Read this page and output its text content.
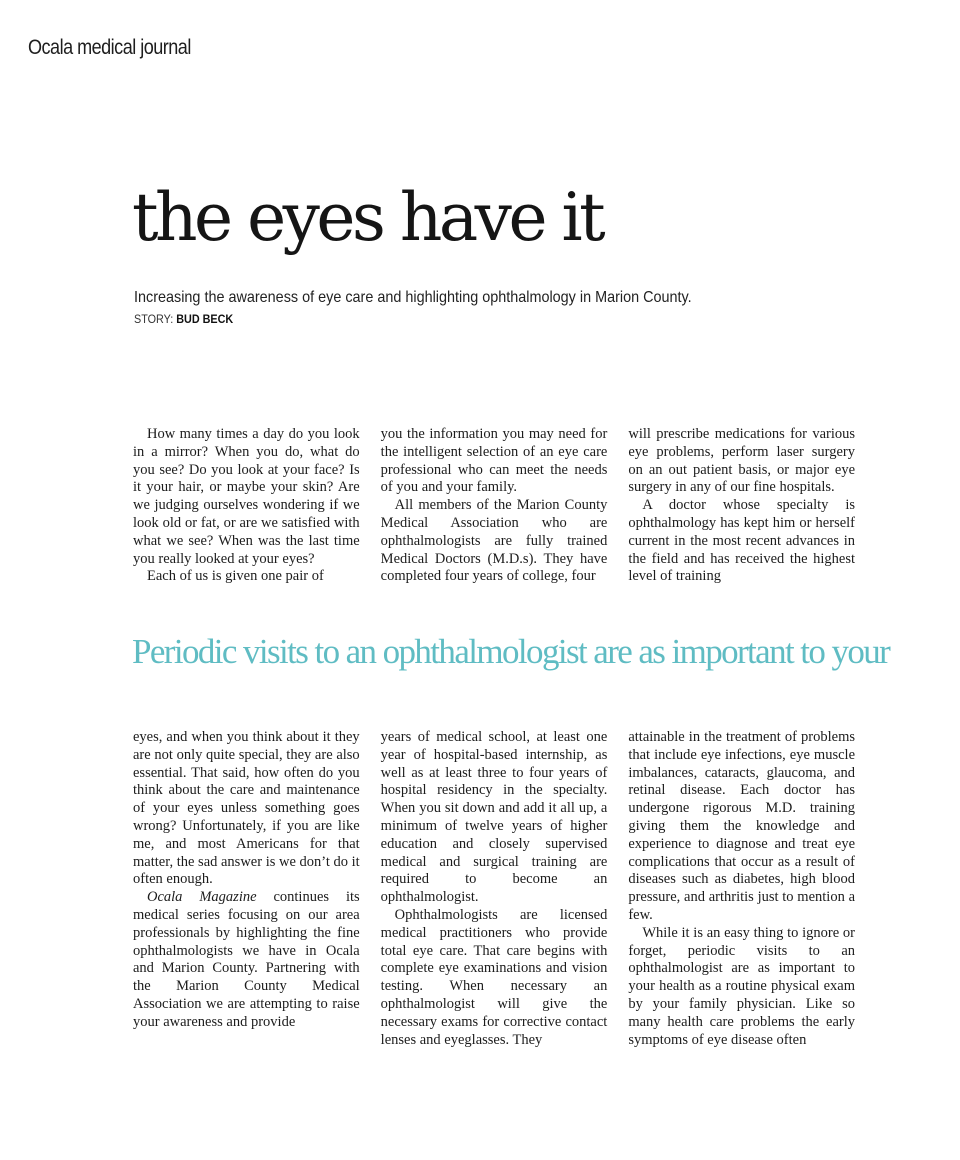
Ocala medical journal
the eyes have it

Increasing the awareness of eye care and highlighting ophthalmology in Marion County.

STORY: BUD BECK

How many times a day do you look in a mirror? When you do, what do you see? Do you look at your face? Is it your hair, or maybe your skin? Are we judging ourselves wondering if we look old or fat, or are we satisfied with what we see? When was the last time you really looked at your eyes?

Each of us is given one pair of

you the information you may need for the intelligent selection of an eye care professional who can meet the needs of you and your family.

All members of the Marion County Medical Association who are ophthalmologists are fully trained Medical Doctors (M.D.s). They have completed four years of college, four

will prescribe medications for various eye problems, perform laser surgery on an out patient basis, or major eye surgery in any of our fine hospitals.

A doctor whose specialty is ophthalmology has kept him or herself current in the most recent advances in the field and has received the highest level of training

Periodic visits to an ophthalmologist are as important to your

eyes, and when you think about it they are not only quite special, they are also essential. That said, how often do you think about the care and maintenance of your eyes unless something goes wrong? Unfortunately, if you are like me, and most Americans for that matter, the sad answer is we don’t do it often enough.

Ocala Magazine continues its medical series focusing on our area professionals by highlighting the fine ophthalmologists we have in Ocala and Marion County. Partnering with the Marion County Medical Association we are attempting to raise your awareness and provide

years of medical school, at least one year of hospital-based internship, as well as at least three to four years of hospital residency in the specialty. When you sit down and add it all up, a minimum of twelve years of higher education and closely supervised medical and surgical training are required to become an ophthalmologist.

Ophthalmologists are licensed medical practitioners who provide total eye care. That care begins with complete eye examinations and vision testing. When necessary an ophthalmologist will give the necessary exams for corrective contact lenses and eyeglasses. They

attainable in the treatment of problems that include eye infections, eye muscle imbalances, cataracts, glaucoma, and retinal disease. Each doctor has undergone rigorous M.D. training giving them the knowledge and experience to diagnose and treat eye complications that occur as a result of diseases such as diabetes, high blood pressure, and arthritis just to mention a few.

While it is an easy thing to ignore or forget, periodic visits to an ophthalmologist are as important to your health as a routine physical exam by your family physician. Like so many health care problems the early symptoms of eye disease often
